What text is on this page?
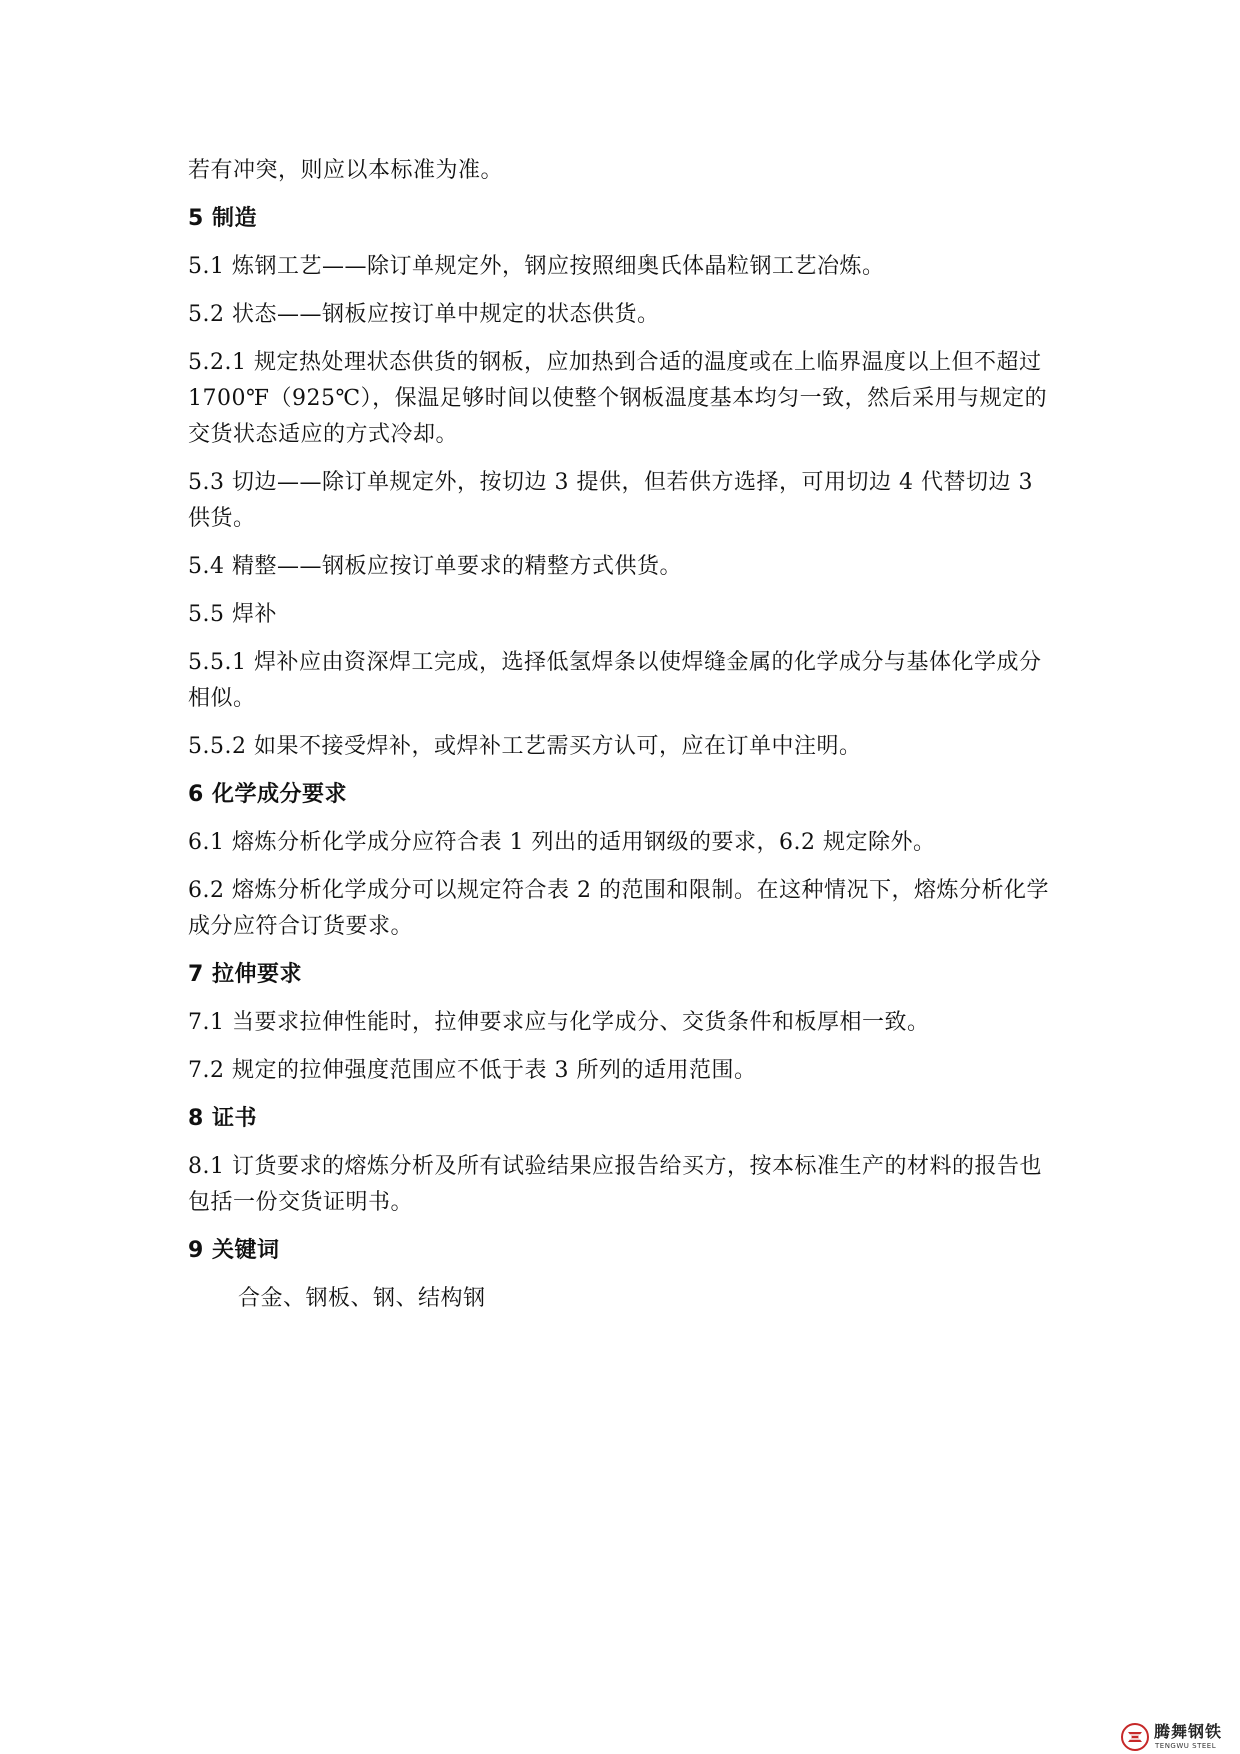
若有冲突，则应以本标准为准。
5 制造
5.1 炼钢工艺——除订单规定外，钢应按照细奥氏体晶粒钢工艺冶炼。
5.2 状态——钢板应按订单中规定的状态供货。
5.2.1 规定热处理状态供货的钢板，应加热到合适的温度或在上临界温度以上但不超过 1700℉（925℃），保温足够时间以使整个钢板温度基本均匀一致，然后采用与规定的交货状态适应的方式冷却。
5.3 切边——除订单规定外，按切边 3 提供，但若供方选择，可用切边 4 代替切边 3 供货。
5.4 精整——钢板应按订单要求的精整方式供货。
5.5 焊补
5.5.1 焊补应由资深焊工完成，选择低氢焊条以使焊缝金属的化学成分与基体化学成分相似。
5.5.2 如果不接受焊补，或焊补工艺需买方认可，应在订单中注明。
6 化学成分要求
6.1 熔炼分析化学成分应符合表 1 列出的适用钢级的要求，6.2 规定除外。
6.2 熔炼分析化学成分可以规定符合表 2 的范围和限制。在这种情况下，熔炼分析化学成分应符合订货要求。
7 拉伸要求
7.1 当要求拉伸性能时，拉伸要求应与化学成分、交货条件和板厚相一致。
7.2 规定的拉伸强度范围应不低于表 3 所列的适用范围。
8 证书
8.1 订货要求的熔炼分析及所有试验结果应报告给买方，按本标准生产的材料的报告也包括一份交货证明书。
9 关键词
合金、钢板、钢、结构钢
腾舞钢铁
TENGWU STEEL
